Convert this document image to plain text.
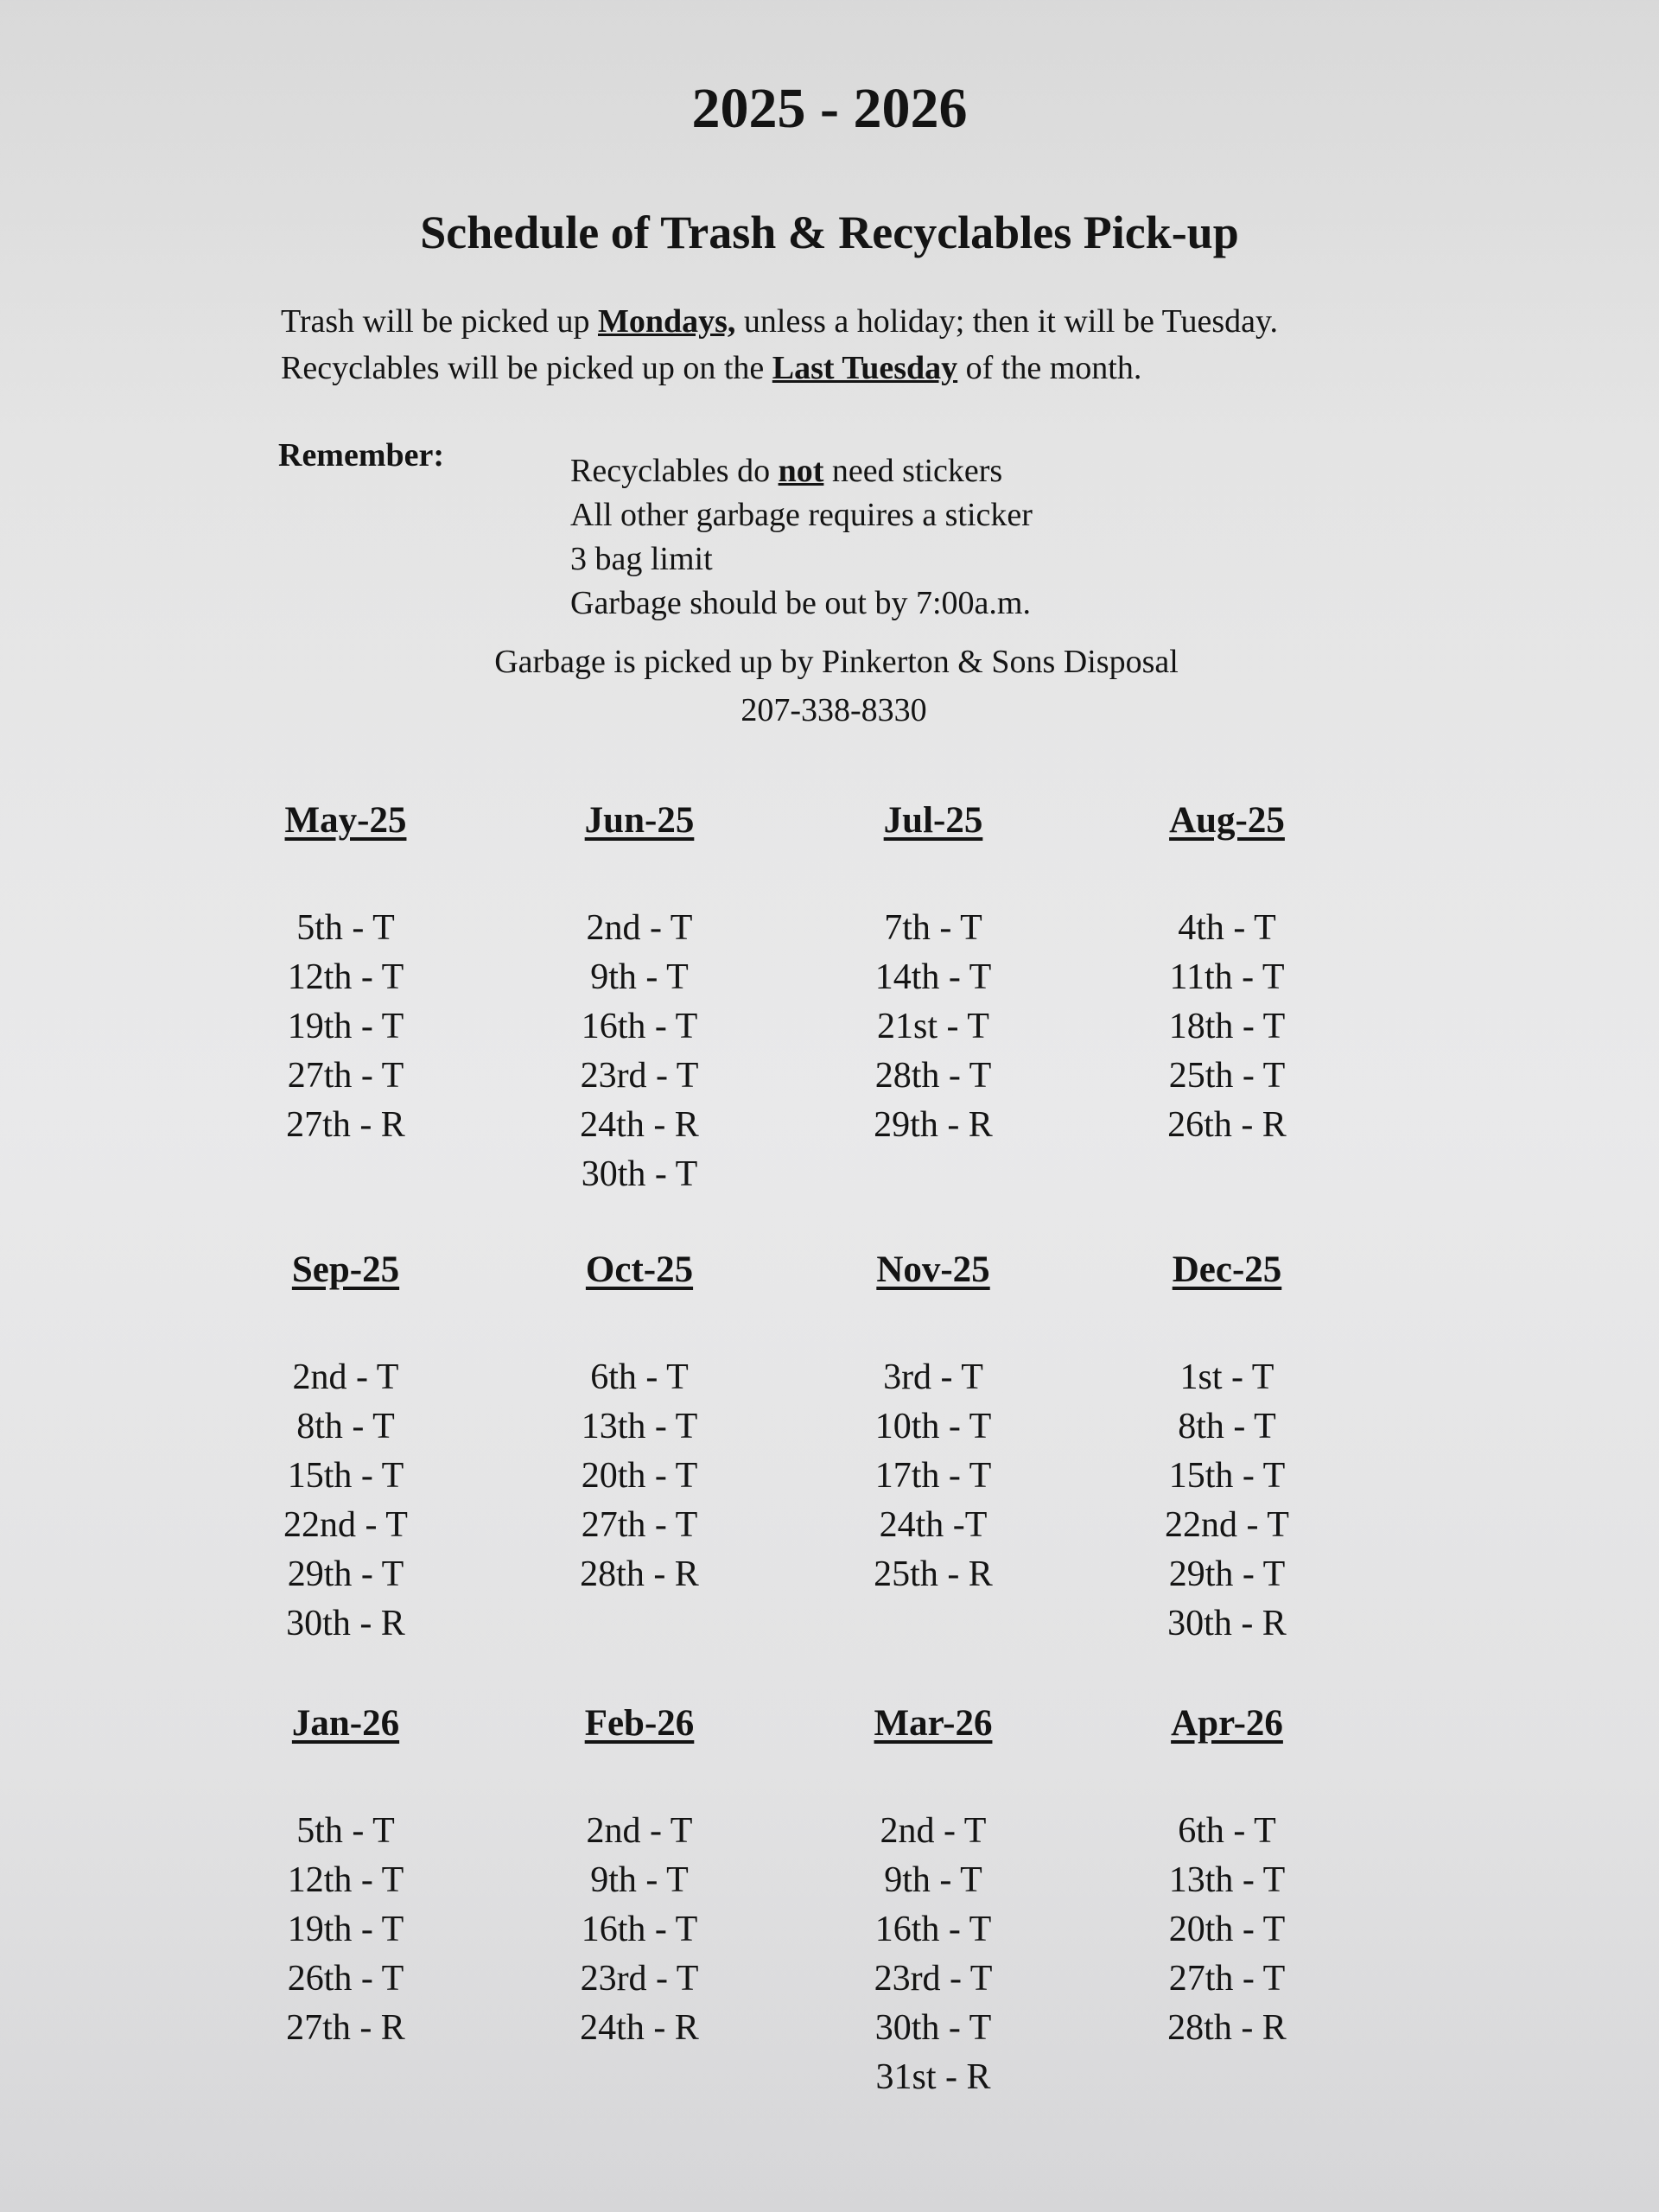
2025 - 2026
Schedule of Trash & Recyclables Pick-up

Trash will be picked up Mondays, unless a holiday; then it will be Tuesday.

Recyclables will be picked up on the Last Tuesday of the month.

Remember:	Recyclables do not need stickers
All other garbage requires a sticker
3 bag limit
Garbage should be out by 7:00a.m.
Garbage is picked up by Pinkerton & Sons Disposal
207-338-8330
May-25
5th - T
12th - T
19th - T
27th - T
27th - R
Jun-25
2nd - T
9th - T
16th - T
23rd - T
24th - R
30th - T
Jul-25
7th - T
14th - T
21st - T
28th - T
29th - R
Aug-25
4th - T
11th - T
18th - T
25th - T
26th - R
Sep-25
2nd - T
8th - T
15th - T
22nd - T
29th - T
30th - R
Oct-25
6th - T
13th - T
20th - T
27th - T
28th - R
Nov-25
3rd - T
10th - T
17th - T
24th -T
25th - R
Dec-25
1st - T
8th - T
15th - T
22nd - T
29th - T
30th - R
Jan-26
5th - T
12th - T
19th - T
26th - T
27th - R
Feb-26
2nd - T
9th - T
16th - T
23rd - T
24th - R
Mar-26
2nd - T
9th - T
16th - T
23rd - T
30th - T
31st - R
Apr-26
6th - T
13th - T
20th - T
27th - T
28th - R
